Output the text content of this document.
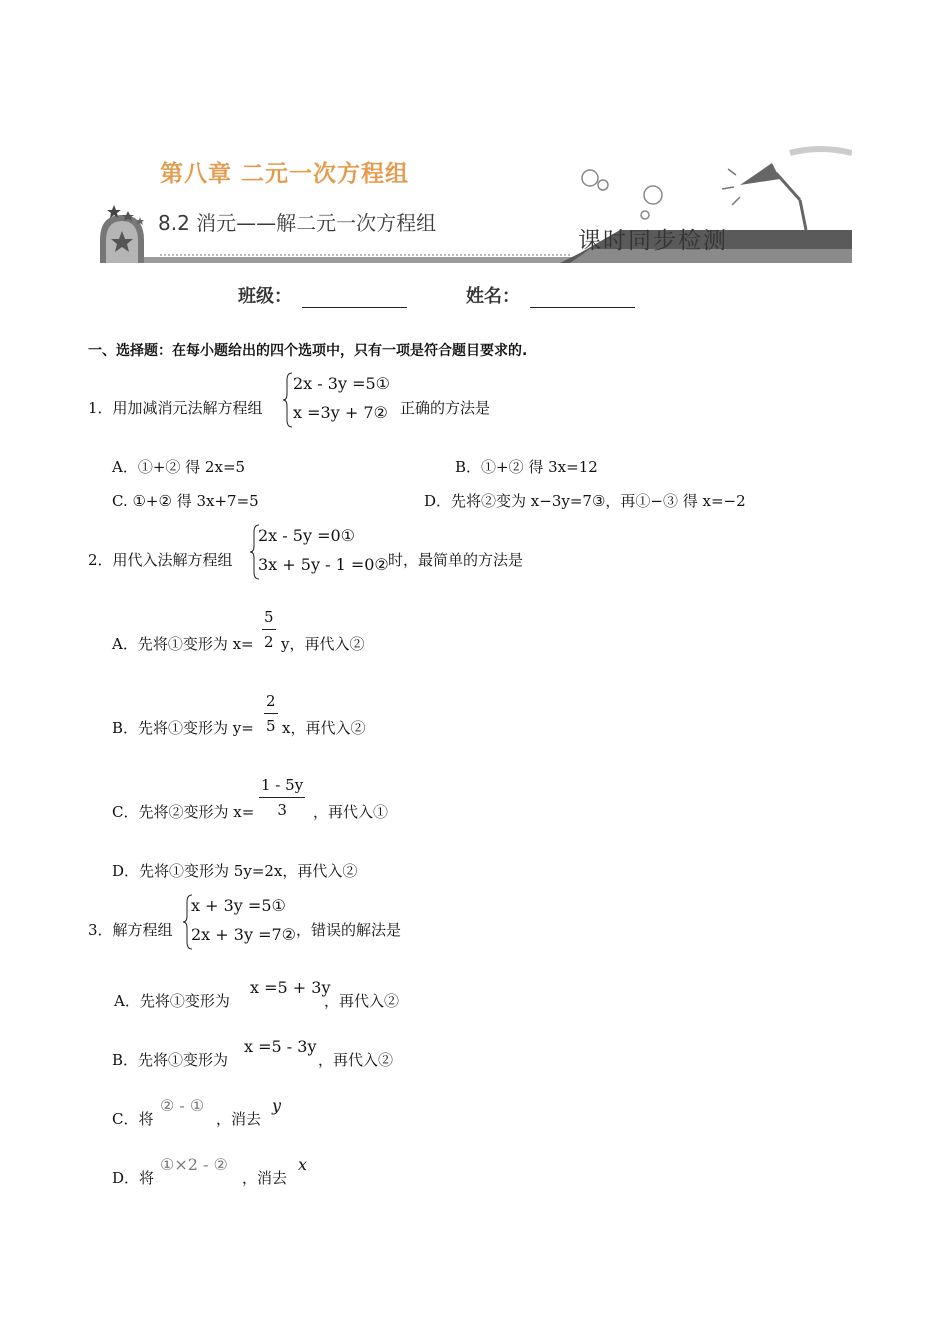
第八章 二元一次方程组
8.2 消元——解二元一次方程组
课时同步检测
班级：	姓名：
一、选择题：在每小题给出的四个选项中，只有一项是符合题目要求的.
1．用加减消元法解方程组
2x - 3y =5①
x =3y + 7② 正确的方法是
A．①+② 得 2x=5	B．①+② 得 3x=12
C. ①+② 得 3x+7=5	D．先将②变为 x−3y=7③，再①−③ 得 x=−2
2．用代入法解方程组
2x - 5y =0①
3x + 5y - 1 =0② 时，最简单的方法是
A．先将①变形为 $x= \frac{5}{2}$ y，再代入②
B．先将①变形为 $y= \frac{2}{5}$ x，再代入②
C．先将②变形为 $x= \frac{1 - 5y}{3}$ ，再代入①
D．先将①变形为 5y=2x，再代入②
3．解方程组
x + 3y =5①
2x + 3y =7② ，错误的解法是
A．先将①变形为
x =5 + 3y
，再代入②
B．先将①变形为
x =5 - 3y
，再代入②
C．将
② - ①
，消去
y
D．将
①×2 - ②
，消去
x
